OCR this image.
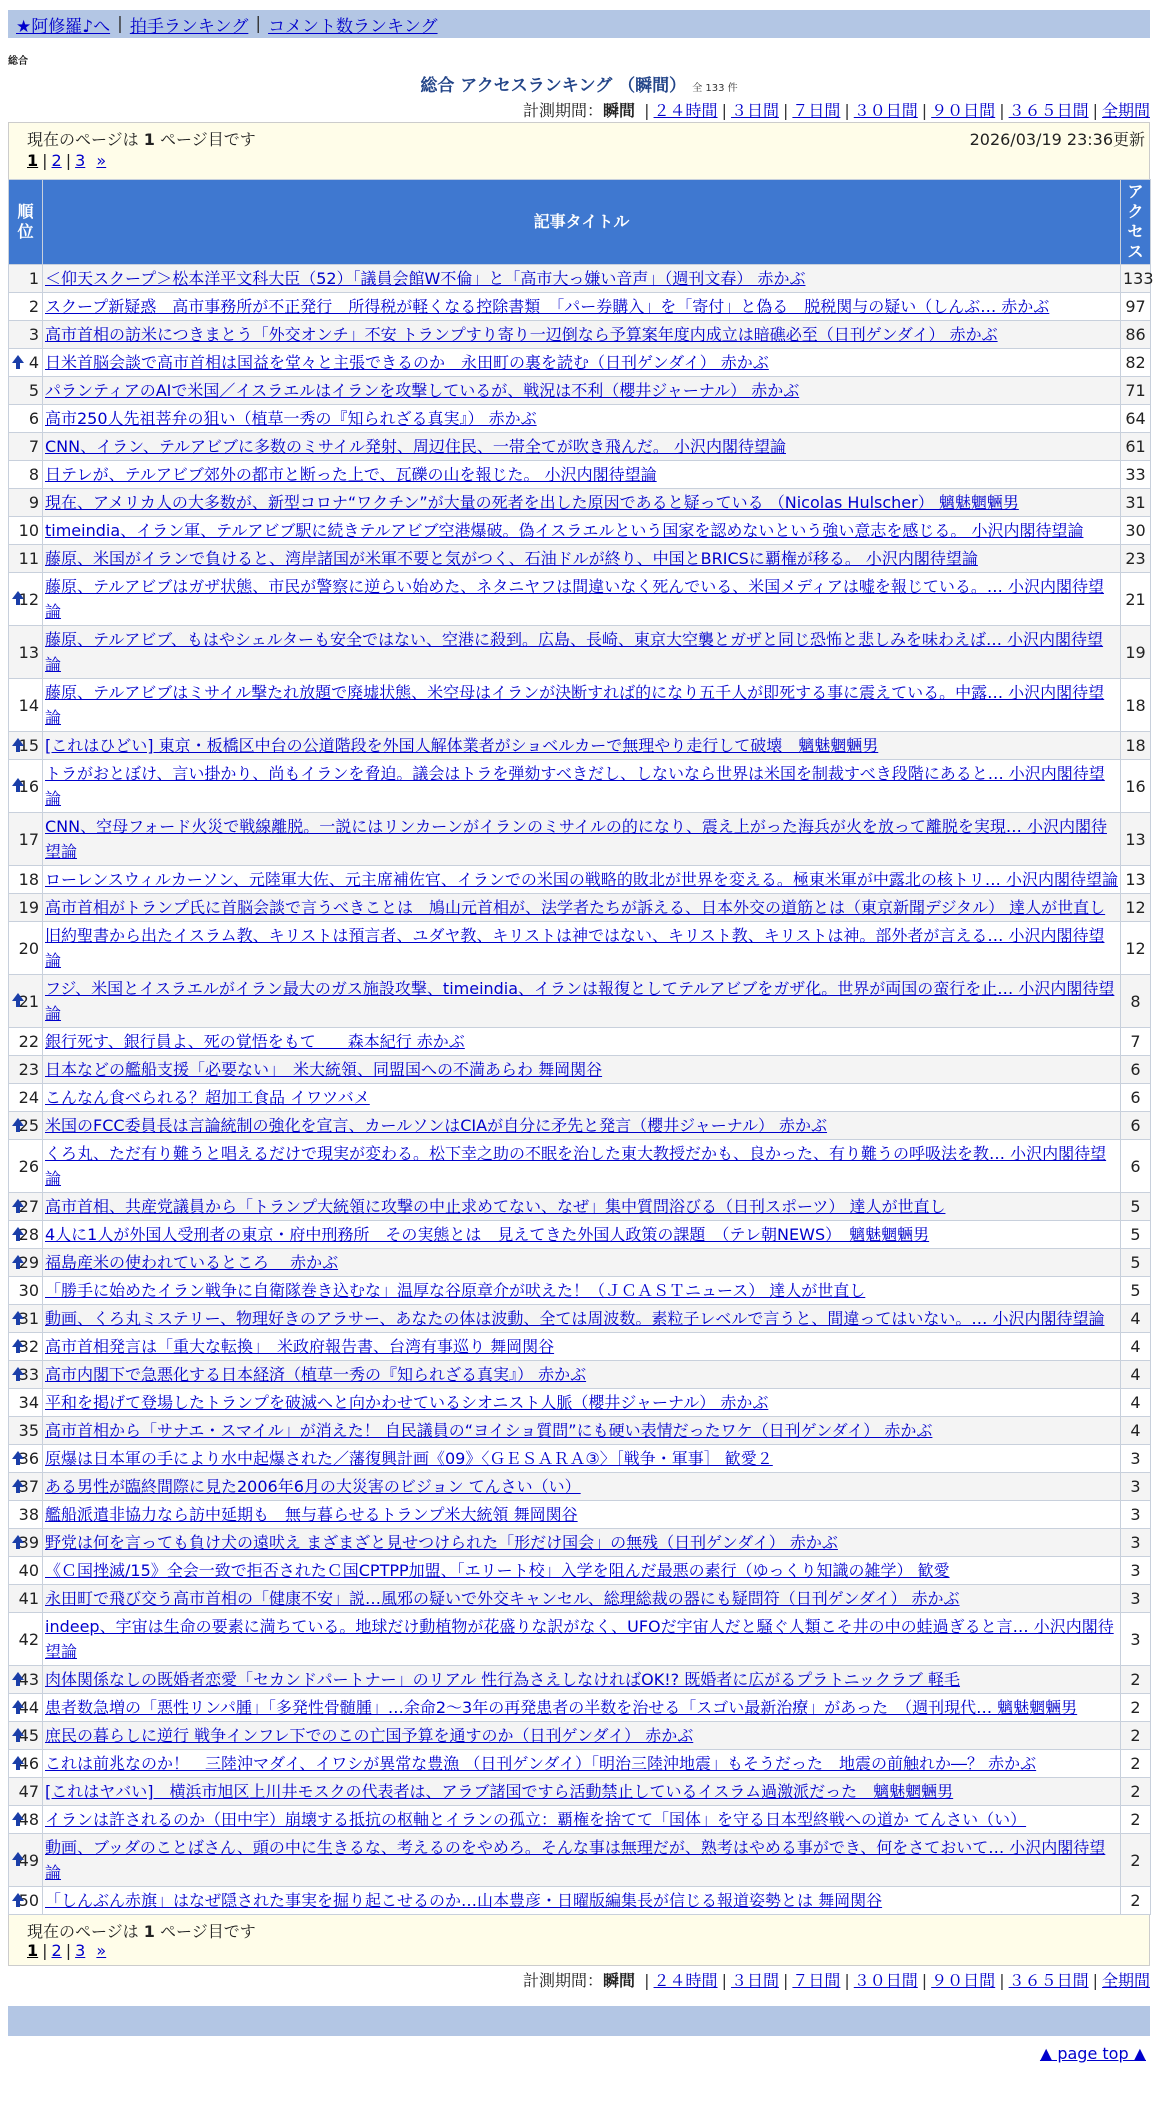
★阿修羅♪へ | 拍手ランキング | コメント数ランキング
総合
総合 アクセスランキング （瞬間） 全 133 件
計測期間：瞬間 | ２４時間 | ３日間 | ７日間 | ３０日間 | ９０日間 | ３６５日間 | 全期間
現在のページは 1 ページ目です	2026/03/19 23:36更新
1 | 2 | 3 »
順位	記事タイトル	アクセス
1	＜仰天スクープ＞松本洋平文科大臣（52）「議員会館W不倫」と「高市大っ嫌い音声」（週刊文春） 赤かぶ	133
2	スクープ新疑惑　高市事務所が不正発行　所得税が軽くなる控除書類　「パー券購入」を「寄付」と偽る　脱税関与の疑い（しんぶ… 赤かぶ	97
3	高市首相の訪米につきまとう「外交オンチ」不安 トランプすり寄り一辺倒なら予算案年度内成立は暗礁必至（日刊ゲンダイ） 赤かぶ	86

4	日米首脳会談で高市首相は国益を堂々と主張できるのか　永田町の裏を読む（日刊ゲンダイ） 赤かぶ	82
5	パランティアのAIで米国／イスラエルはイランを攻撃しているが、戦況は不利（櫻井ジャーナル） 赤かぶ	71
6	高市250人先祖菩弁の狙い（植草一秀の『知られざる真実』） 赤かぶ	64
7	CNN、イラン、テルアビブに多数のミサイル発射、周辺住民、一帯全てが吹き飛んだ。 小沢内閣待望論	61
8	日テレが、テルアビブ郊外の都市と断った上で、瓦礫の山を報じた。 小沢内閣待望論	33
9	現在、アメリカ人の大多数が、新型コロナ“ワクチン”が大量の死者を出した原因であると疑っている （Nicolas Hulscher） 魑魅魍魎男	31
10	timeindia、イラン軍、テルアビブ駅に続きテルアビブ空港爆破。偽イスラエルという国家を認めないという強い意志を感じる。 小沢内閣待望論	30
11	藤原、米国がイランで負けると、湾岸諸国が米軍不要と気がつく、石油ドルが終り、中国とBRICSに覇権が移る。 小沢内閣待望論	23

12	藤原、テルアビブはガザ状態、市民が警察に逆らい始めた、ネタニヤフは間違いなく死んでいる、米国メディアは嘘を報じている。… 小沢内閣待望論	21
13	藤原、テルアビブ、もはやシェルターも安全ではない、空港に殺到。広島、長崎、東京大空襲とガザと同じ恐怖と悲しみを味わえば… 小沢内閣待望論	19
14	藤原、テルアビブはミサイル撃たれ放題で廃墟状態、米空母はイランが決断すれば的になり五千人が即死する事に震えている。中露… 小沢内閣待望論	18

15	[これはひどい] 東京・板橋区中台の公道階段を外国人解体業者がショベルカーで無理やり走行して破壊　魑魅魍魎男	18

16	トラがおとぼけ、言い掛かり、尚もイランを脅迫。議会はトラを弾劾すべきだし、しないなら世界は米国を制裁すべき段階にあると… 小沢内閣待望論	16
17	CNN、空母フォード火災で戦線離脱。一説にはリンカーンがイランのミサイルの的になり、震え上がった海兵が火を放って離脱を実現… 小沢内閣待望論	13
18	ローレンスウィルカーソン、元陸軍大佐、元主席補佐官、イランでの米国の戦略的敗北が世界を変える。極東米軍が中露北の核トリ… 小沢内閣待望論	13
19	高市首相がトランプ氏に首脳会談で言うべきことは　鳩山元首相が、法学者たちが訴える、日本外交の道筋とは（東京新聞デジタル） 達人が世直し	12
20	旧約聖書から出たイスラム教、キリストは預言者、ユダヤ教、キリストは神ではない、キリスト教、キリストは神。部外者が言える… 小沢内閣待望論	12

21	フジ、米国とイスラエルがイラン最大のガス施設攻撃、timeindia、イランは報復としてテルアビブをガザ化。世界が両国の蛮行を止… 小沢内閣待望論	8
22	銀行死す、銀行員よ、死の覚悟をもて　　森本紀行 赤かぶ	7
23	日本などの艦船支援「必要ない」　米大統領、同盟国への不満あらわ 舞岡関谷	6
24	こんなん食べられる？超加工食品 イワツバメ	6

25	米国のFCC委員長は言論統制の強化を宣言、カールソンはCIAが自分に矛先と発言（櫻井ジャーナル） 赤かぶ	6
26	くろ丸、ただ有り難うと唱えるだけで現実が変わる。松下幸之助の不眠を治した東大教授だかも、良かった、有り難うの呼吸法を教… 小沢内閣待望論	6

27	高市首相、共産党議員から「トランプ大統領に攻撃の中止求めてない、なぜ」集中質問浴びる（日刊スポーツ） 達人が世直し	5

28	4人に1人が外国人受刑者の東京・府中刑務所　その実態とは　見えてきた外国人政策の課題　（テレ朝NEWS）　魑魅魍魎男	5

29	福島産米の使われているところ　 赤かぶ	5
30	「勝手に始めたイラン戦争に自衛隊巻き込むな」温厚な谷原章介が吠えた！（ＪＣＡＳＴニュース） 達人が世直し	5

31	動画、くろ丸ミステリー、物理好きのアラサー、あなたの体は波動、全ては周波数。素粒子レベルで言うと、間違ってはいない。… 小沢内閣待望論	4

32	高市首相発言は「重大な転換」　米政府報告書、台湾有事巡り 舞岡関谷	4

33	高市内閣下で急悪化する日本経済（植草一秀の『知られざる真実』） 赤かぶ	4
34	平和を掲げて登場したトランプを破滅へと向かわせているシオニスト人脈（櫻井ジャーナル） 赤かぶ	4
35	高市首相から「サナエ・スマイル」が消えた！ 自民議員の“ヨイショ質問”にも硬い表情だったワケ（日刊ゲンダイ） 赤かぶ	4

36	原爆は日本軍の手により水中起爆された／藩復興計画《09》〈ＧＥＳＡＲＡ③〉［戦争・軍事］ 歓愛２	3

37	ある男性が臨終間際に見た2006年6月の大災害のビジョン てんさい（い）	3
38	艦船派遣非協力なら訪中延期も　無与暮らせるトランプ米大統領 舞岡関谷	3

39	野党は何を言っても負け犬の遠吠え まざまざと見せつけられた「形だけ国会」の無残（日刊ゲンダイ） 赤かぶ	3
40	《Ｃ国挫滅/15》全会一致で拒否されたＣ国CPTPP加盟、「エリート校」入学を阻んだ最悪の素行（ゆっくり知識の雑学） 歓愛	3
41	永田町で飛び交う高市首相の「健康不安」説…風邪の疑いで外交キャンセル、総理総裁の器にも疑問符（日刊ゲンダイ） 赤かぶ	3
42	indeep、宇宙は生命の要素に満ちている。地球だけ動植物が花盛りな訳がなく、UFOだ宇宙人だと騒ぐ人類こそ井の中の蛙過ぎると言… 小沢内閣待望論	3

43	肉体関係なしの既婚者恋愛「セカンドパートナー」のリアル 性行為さえしなければOK!? 既婚者に広がるプラトニックラブ 軽毛	2

44	患者数急増の「悪性リンパ腫」「多発性骨髄腫」…余命2～3年の再発患者の半数を治せる「スゴい最新治療」があった　（週刊現代… 魑魅魍魎男	2

45	庶民の暮らしに逆行 戦争インフレ下でのこの亡国予算を通すのか（日刊ゲンダイ） 赤かぶ	2

46	これは前兆なのか！　三陸沖マダイ、イワシが異常な豊漁 （日刊ゲンダイ）「明治三陸沖地震」もそうだった　地震の前触れか―？ 赤かぶ	2
47	[これはヤバい]　横浜市旭区上川井モスクの代表者は、アラブ諸国ですら活動禁止しているイスラム過激派だった　魑魅魍魎男	2

48	イランは許されるのか（田中宇）崩壊する抵抗の枢軸とイランの孤立：覇権を捨てて「国体」を守る日本型終戦への道か てんさい（い）	2

49	動画、ブッダのことばさん、頭の中に生きるな、考えるのをやめろ。そんな事は無理だが、熟考はやめる事ができ、何をさておいて… 小沢内閣待望論	2

50	「しんぶん赤旗」はなぜ隠された事実を掘り起こせるのか…山本豊彦・日曜版編集長が信じる報道姿勢とは 舞岡関谷	2
現在のページは 1 ページ目です
1 | 2 | 3 »
計測期間：瞬間 | ２４時間 | ３日間 | ７日間 | ３０日間 | ９０日間 | ３６５日間 | 全期間
▲ page top ▲
